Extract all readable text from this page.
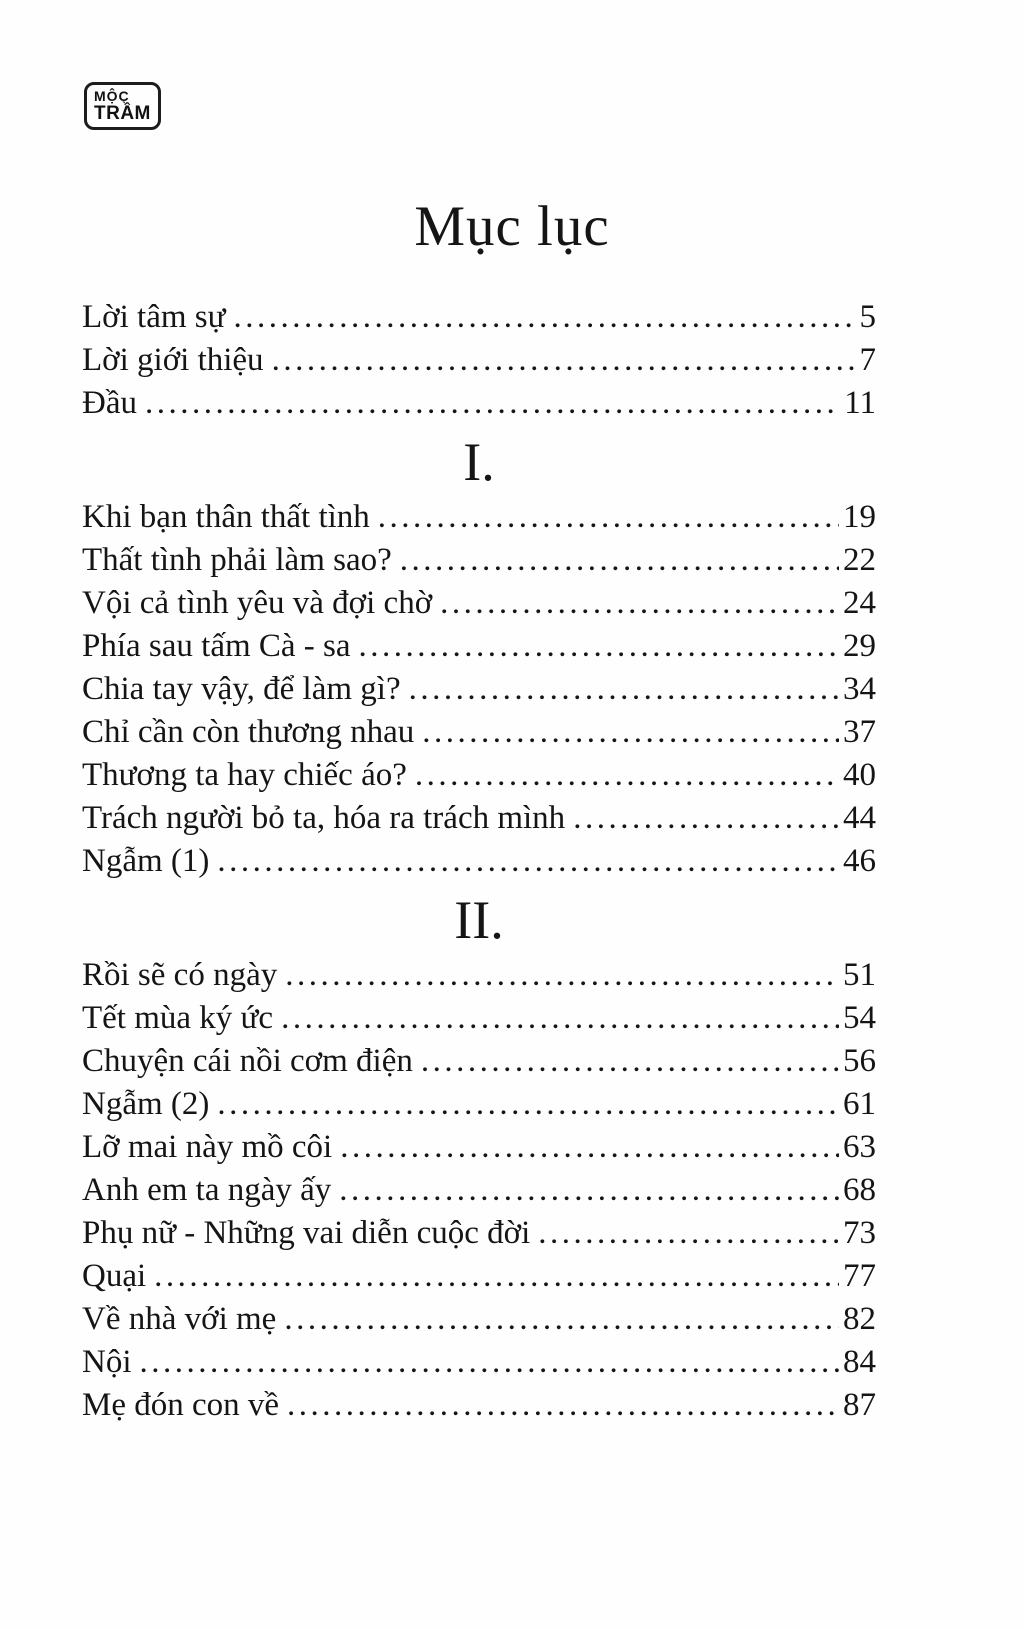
MỘC
TRẦM
Mục lục
Lời tâm sự .....	5
Lời giới thiệu .....	7
Đầu .....	11
I.
Khi bạn thân thất tình .....	19
Thất tình phải làm sao? .....	22
Vội cả tình yêu và đợi chờ .....	24
Phía sau tấm Cà - sa .....	29
Chia tay vậy, để làm gì? .....	34
Chỉ cần còn thương nhau .....	37
Thương ta hay chiếc áo? .....	40
Trách người bỏ ta, hóa ra trách mình .....	44
Ngẫm (1) .....	46
II.
Rồi sẽ có ngày .....	51
Tết mùa ký ức .....	54
Chuyện cái nồi cơm điện .....	56
Ngẫm (2) .....	61
Lỡ mai này mồ côi .....	63
Anh em ta ngày ấy .....	68
Phụ nữ - Những vai diễn cuộc đời .....	73
Quại .....	77
Về nhà với mẹ .....	82
Nội .....	84
Mẹ đón con về .....	87
